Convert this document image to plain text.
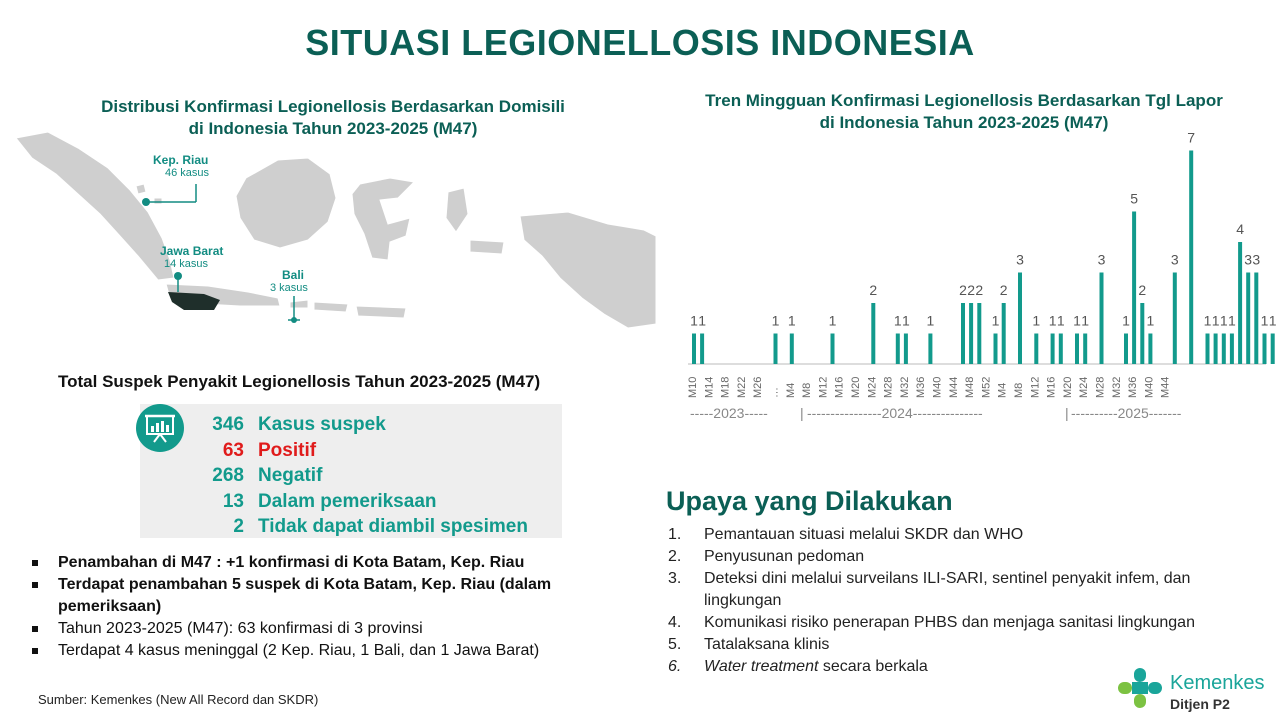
SITUASI LEGIONELLOSIS INDONESIA
Distribusi Konfirmasi Legionellosis Berdasarkan Domisili
di Indonesia Tahun 2023-2025 (M47)
Kep. Riau
46 kasus
Jawa Barat
14 kasus
Bali
3 kasus
Tren Mingguan Konfirmasi Legionellosis Berdasarkan Tgl Lapor
di Indonesia Tahun 2023-2025 (M47)
1 1	1 1 1
2
1 1 1
2 2 2
1
2
3
1 1 1 1 1
3
1
5
2
1
3
7
1 1 1 1
4
3 3
1 1
M10 M14 M18 M22 M26 … M4 M8 M12 M16 M20 M24 M28 M32 M36 M40 M44 M48 M52 M4 M8 M12 M16 M20 M24 M28 M32 M36 M40 M44
-----2023----- | ----------------2024---------------	| ----------2025-------
Total Suspek Penyakit Legionellosis Tahun 2023-2025 (M47)
346 Kasus suspek
63 Positif
268 Negatif
13 Dalam pemeriksaan
2 Tidak dapat diambil spesimen
Penambahan di M47 : +1 konfirmasi di Kota Batam, Kep. Riau
Terdapat penambahan 5 suspek di Kota Batam, Kep. Riau (dalam pemeriksaan)
Tahun 2023-2025 (M47): 63 konfirmasi di 3 provinsi
Terdapat 4 kasus meninggal (2 Kep. Riau, 1 Bali, dan 1 Jawa Barat)
Sumber: Kemenkes (New All Record dan SKDR)
Upaya yang Dilakukan
1. Pemantauan situasi melalui SKDR dan WHO
2. Penyusunan pedoman
3. Deteksi dini melalui surveilans ILI-SARI, sentinel penyakit infem, dan lingkungan
4. Komunikasi risiko penerapan PHBS dan menjaga sanitasi lingkungan
5. Tatalaksana klinis
6. Water treatment secara berkala
Kemenkes
Ditjen P2
